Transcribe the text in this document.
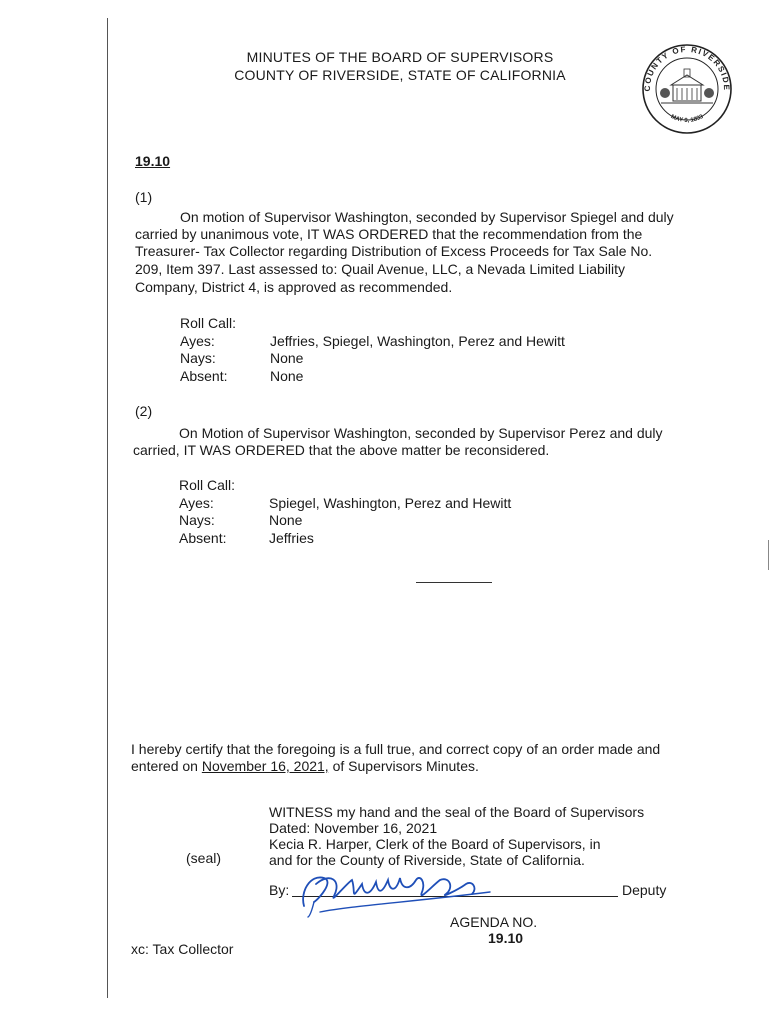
MINUTES OF THE BOARD OF SUPERVISORS
COUNTY OF RIVERSIDE, STATE OF CALIFORNIA
COUNTY OF RIVERSIDE
MAY 9, 1893
19.10
(1)
On motion of Supervisor Washington, seconded by Supervisor Spiegel and duly
carried by unanimous vote, IT WAS ORDERED that the recommendation from the
Treasurer- Tax Collector regarding Distribution of Excess Proceeds for Tax Sale No.
209, Item 397. Last assessed to: Quail Avenue, LLC, a Nevada Limited Liability
Company, District 4, is approved as recommended.
Roll Call:
Ayes:	Jeffries, Spiegel, Washington, Perez and Hewitt
Nays:	None
Absent:	None
(2)
On Motion of Supervisor Washington, seconded by Supervisor Perez and duly
carried, IT WAS ORDERED that the above matter be reconsidered.
Roll Call:
Ayes:	Spiegel, Washington, Perez and Hewitt
Nays:	None
Absent:	Jeffries
I hereby certify that the foregoing is a full true, and correct copy of an order made and
entered on November 16, 2021, of Supervisors Minutes.
WITNESS my hand and the seal of the Board of Supervisors
Dated: November 16, 2021
Kecia R. Harper, Clerk of the Board of Supervisors, in
and for the County of Riverside, State of California.
(seal)
By:	Deputy
AGENDA NO.
19.10
xc: Tax Collector
